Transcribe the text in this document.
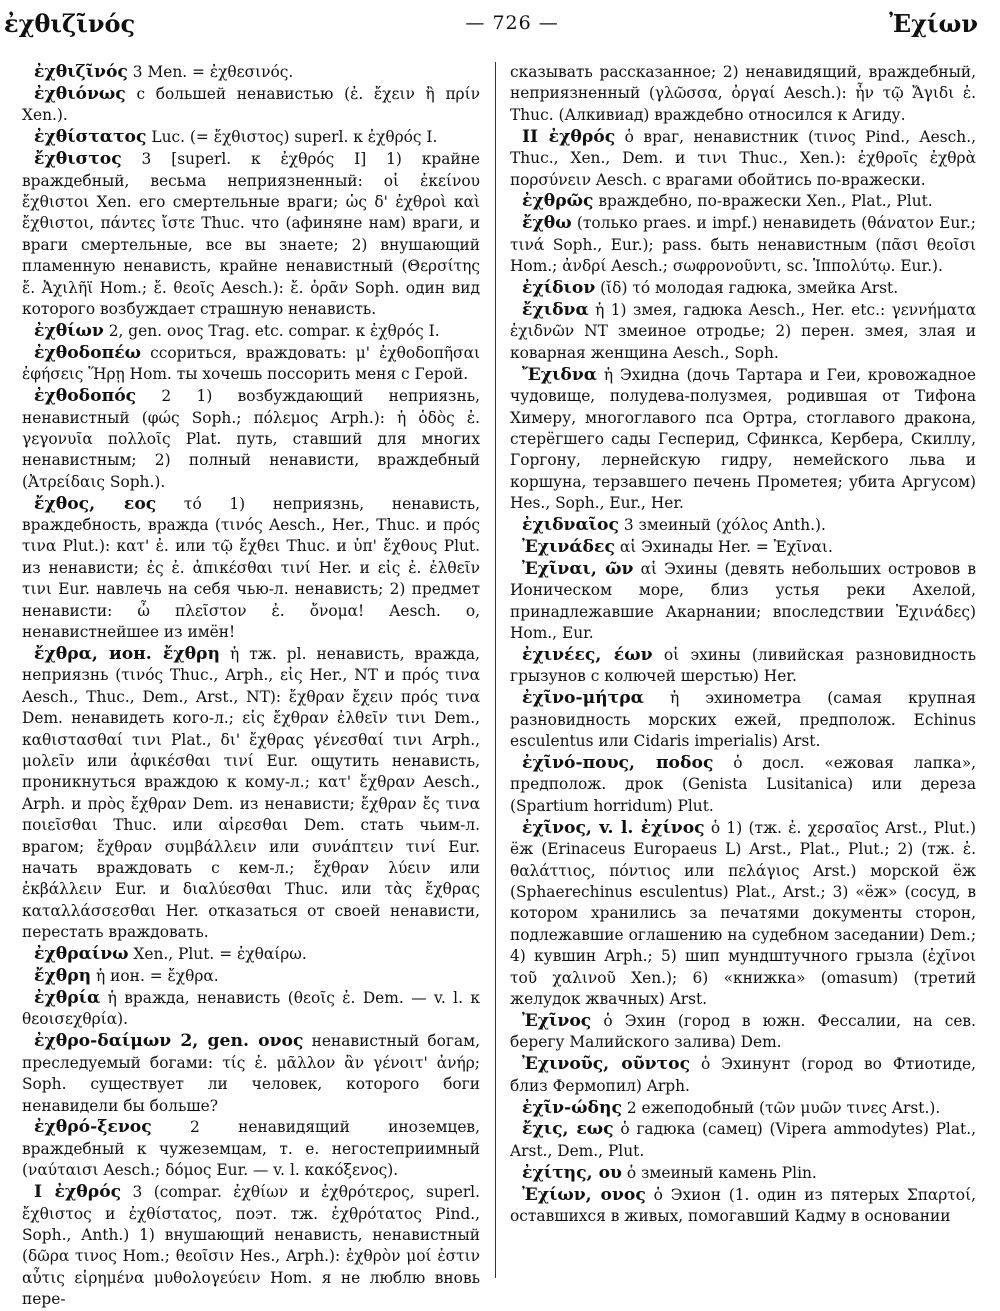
ἐχθιζῖνός	— 726 —	Ἐχίων

ἐχθιζῖνός 3 Men. = ἐχθεσινός.

ἐχθιόνως с большей ненавистью (ἐ. ἔχειν ἢ πρίν Xen.).

ἐχθίστατος Luc. (= ἔχθιστος) superl. к ἐχθρός I.

ἔχθιστος 3 [superl. к ἐχθρός I] 1) крайне враждебный, весьма неприязненный: οἱ ἐκείνου ἔχθιστοι Xen. его смертельные враги; ὡς δ' ἐχθροὶ καὶ ἔχθιστοι, πάντες ἴστε Thuc. что (афиняне нам) враги, и враги смертельные, все вы знаете; 2) внушающий пламенную ненависть, крайне ненавистный (Θερσίτης ἔ. Ἀχιλῆϊ Hom.; ἔ. θεοῖς Aesch.): ἔ. ὁρᾶν Soph. один вид которого возбуждает страшную ненависть.

ἐχθίων 2, gen. ονος Trag. etc. compar. к ἐχθρός I.

ἐχθοδοπέω ссориться, враждовать: μ' ἐχθοδοπῆσαι ἐφήσεις Ἥρῃ Hom. ты хочешь поссорить меня с Герой.

ἐχθοδοπός 2 1) возбуждающий неприязнь, ненавистный (φώς Soph.; πόλεμος Arph.): ἡ ὁδὸς ἐ. γεγονυῖα πολλοῖς Plat. путь, ставший для многих ненавистным; 2) полный ненависти, враждебный (Ἀτρείδαις Soph.).

ἔχθος, εος τό 1) неприязнь, ненависть, враждебность, вражда (τινός Aesch., Her., Thuc. и πρός τινα Plut.): κατ' ἐ. или τῷ ἔχθει Thuc. и ὑπ' ἔχθους Plut. из ненависти; ἐς ἐ. ἀπικέσθαι τινί Her. и εἰς ἐ. ἐλθεῖν τινι Eur. навлечь на себя чью-л. ненависть; 2) предмет ненависти: ὦ πλεῖστον ἐ. ὄνομα! Aesch. о, ненавистнейшее из имён!

ἔχθρα, ион. ἔχθρη ἡ тж. pl. ненависть, вражда, неприязнь (τινός Thuc., Arph., εἰς Her., NT и πρός τινα Aesch., Thuc., Dem., Arst., NT): ἔχθραν ἔχειν πρός τινα Dem. ненавидеть кого-л.; εἰς ἔχθραν ἐλθεῖν τινι Dem., καθιστασθαί τινι Plat., δι' ἔχθρας γένεσθαί τινι Arph., μολεῖν или ἀφικέσθαι τινί Eur. ощутить ненависть, проникнуться враждою к кому-л.; κατ' ἔχθραν Aesch., Arph. и πρὸς ἔχθραν Dem. из ненависти; ἔχθραν ἔς τινα ποιεῖσθαι Thuc. или αἱρεσθαι Dem. стать чьим-л. врагом; ἔχθραν συμβάλλειν или συνάπτειν τινί Eur. начать враждовать с кем-л.; ἔχθραν λύειν или ἐκβάλλειν Eur. и διαλύεσθαι Thuc. или τὰς ἔχθρας καταλλάσσεσθαι Her. отказаться от своей ненависти, перестать враждовать.

ἐχθραίνω Xen., Plut. = ἐχθαίρω.

ἔχθρη ἡ ион. = ἔχθρα.

ἐχθρία ἡ вражда, ненависть (θεοῖς ἐ. Dem. — v. l. к θεοισεχθρία).

ἐχθρο-δαίμων 2, gen. ονος ненавистный богам, преследуемый богами: τίς ἐ. μᾶλλον ἂν γένοιτ' ἀνήρ; Soph. существует ли человек, которого боги ненавидели бы больше?

ἐχθρό-ξενος 2 ненавидящий иноземцев, враждебный к чужеземцам, т. е. негостеприимный (ναύταισι Aesch.; δόμος Eur. — v. l. κακόξενος).

I ἐχθρός 3 (compar. ἐχθίων и ἐχθρότερος, superl. ἔχθιστος и ἐχθίστατος, поэт. тж. ἐχθρότατος Pind., Soph., Anth.) 1) внушающий ненависть, ненавистный (δῶρα τινος Hom.; θεοῖσιν Hes., Arph.): ἐχθρὸν μοί ἐστιν αὖτις εἰρημένα μυθολογεύειν Hom. я не люблю вновь пере-

сказывать рассказанное; 2) ненавидящий, враждебный, неприязненный (γλῶσσα, ὀργαί Aesch.): ἦν τῷ Ἄγιδι ἐ. Thuc. (Алкивиад) враждебно относился к Агиду.

II ἐχθρός ὁ враг, ненавистник (τινος Pind., Aesch., Thuc., Xen., Dem. и τινι Thuc., Xen.): ἐχθροῖς ἐχθρὰ πορσύνειν Aesch. с врагами обойтись по-вражески.

ἐχθρῶς враждебно, по-вражески Xen., Plat., Plut.

ἔχθω (только praes. и impf.) ненавидеть (θάνατον Eur.; τινά Soph., Eur.); pass. быть ненавистным (πᾶσι θεοῖσι Hom.; ἀνδρί Aesch.; σωφρονοῦντι, sc. Ἱππολύτῳ. Eur.).

ἐχίδιον (ῐδ) τό молодая гадюка, змейка Arst.

ἔχιδνα ἡ 1) змея, гадюка Aesch., Her. etc.: γεννήματα ἐχιδνῶν NT змеиное отродье; 2) перен. змея, злая и коварная женщина Aesch., Soph.

Ἔχιδνα ἡ Эхидна (дочь Тартара и Геи, кровожадное чудовище, полудева-полузмея, родившая от Тифона Химеру, многоглавого пса Ортра, стоглавого дракона, стерёгшего сады Гесперид, Сфинкса, Кербера, Скиллу, Горгону, лернейскую гидру, немейского льва и коршуна, терзавшего печень Прометея; убита Аргусом) Hes., Soph., Eur., Her.

ἐχιδναῖος 3 змеиный (χόλος Anth.).

Ἐχινάδες αἱ Эхинады Her. = Ἐχῖναι.

Ἐχῖναι, ῶν αἱ Эхины (девять небольших островов в Ионическом море, близ устья реки Ахелой, принадлежавшие Акарнании; впоследствии Ἐχινάδες) Hom., Eur.

ἐχινέες, έων οἱ эхины (ливийская разновидность грызунов с колючей шерстью) Her.

ἐχῖνο-μήτρα ἡ эхинометра (самая крупная разновидность морских ежей, предполож. Echinus esculentus или Cidaris imperialis) Arst.

ἐχῖνό-πους, ποδος ὁ досл. «ежовая лапка», предполож. дрок (Genista Lusitanica) или дереза (Spartium horridum) Plut.

ἐχῖνος, v. l. ἐχίνος ὁ 1) (тж. ἐ. χερσαῖος Arst., Plut.) ёж (Erinaceus Europaeus L) Arst., Plat., Plut.; 2) (тж. ἐ. θαλάττιος, πόντιος или πελάγιος Arst.) морской ёж (Sphaerechinus esculentus) Plat., Arst.; 3) «ёж» (сосуд, в котором хранились за печатями документы сторон, подлежавшие оглашению на судебном заседании) Dem.; 4) кувшин Arph.; 5) шип мундштучного грызла (ἐχῖνοι τοῦ χαλινοῦ Xen.); 6) «книжка» (omasum) (третий желудок жвачных) Arst.

Ἐχῖνος ὁ Эхин (город в южн. Фессалии, на сев. берегу Малийского залива) Dem.

Ἐχινοῦς, οῦντος ὁ Эхинунт (город во Фтиотиде, близ Фермопил) Arph.

ἐχῖν-ώδης 2 ежеподобный (τῶν μυῶν τινες Arst.).

ἔχις, εως ὁ гадюка (самец) (Vipera ammodytes) Plat., Arst., Dem., Plut.

ἐχίτης, ου ὁ змеиный камень Plin.

Ἐχίων, ονος ὁ Эхион (1. один из пятерых Σπαρτοί, оставшихся в живых, помогавший Кадму в основании
